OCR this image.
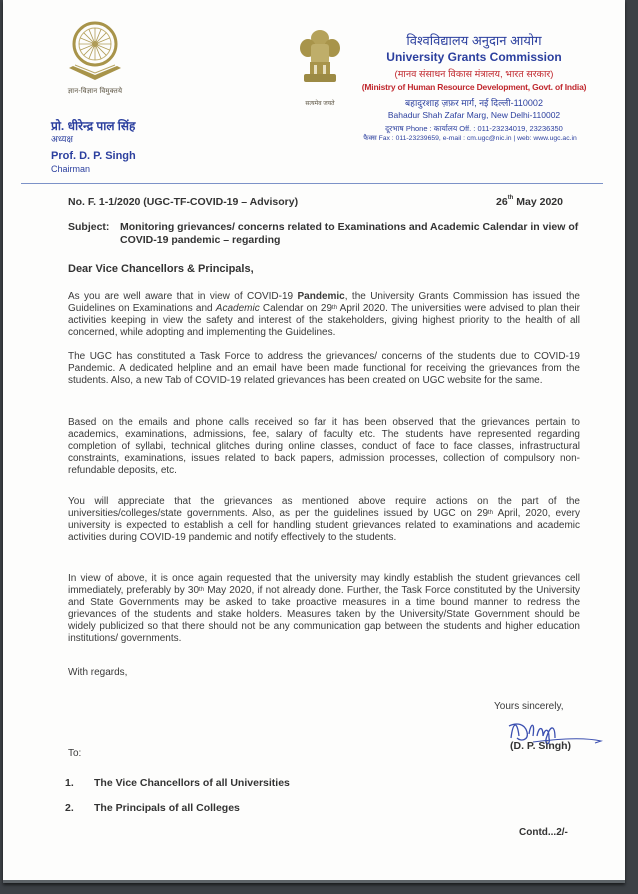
ज्ञान-विज्ञान विमुक्तये
प्रो. धीरेन्द्र पाल सिंह
अध्यक्ष
Prof. D. P. Singh
Chairman
सत्यमेव जयते
विश्वविद्यालय अनुदान आयोग
University Grants Commission
(मानव संसाधन विकास मंत्रालय, भारत सरकार)
(Ministry of Human Resource Development, Govt. of India)
बहादुरशाह ज़फ़र मार्ग, नई दिल्ली-110002
Bahadur Shah Zafar Marg, New Delhi-110002
दूरभाष Phone : कार्यालय Off. : 011-23234019, 23236350
फैक्स Fax : 011-23239659, e-mail : cm.ugc@nic.in | web: www.ugc.ac.in
No. F. 1-1/2020 (UGC-TF-COVID-19 – Advisory)	26th May 2020
Subject: Monitoring grievances/ concerns related to Examinations and Academic Calendar in view of COVID-19 pandemic – regarding
Dear Vice Chancellors & Principals,
As you are well aware that in view of COVID-19 Pandemic, the University Grants Commission has issued the Guidelines on Examinations and Academic Calendar on 29th April 2020. The universities were advised to plan their activities keeping in view the safety and interest of the stakeholders, giving highest priority to the health of all concerned, while adopting and implementing the Guidelines.
The UGC has constituted a Task Force to address the grievances/ concerns of the students due to COVID-19 Pandemic. A dedicated helpline and an email have been made functional for receiving the grievances from the students. Also, a new Tab of COVID-19 related grievances has been created on UGC website for the same.
Based on the emails and phone calls received so far it has been observed that the grievances pertain to academics, examinations, admissions, fee, salary of faculty etc. The students have represented regarding completion of syllabi, technical glitches during online classes, conduct of face to face classes, infrastructural constraints, examinations, issues related to back papers, admission processes, collection of compulsory non-refundable deposits, etc.
You will appreciate that the grievances as mentioned above require actions on the part of the universities/colleges/state governments. Also, as per the guidelines issued by UGC on 29th April, 2020, every university is expected to establish a cell for handling student grievances related to examinations and academic activities during COVID-19 pandemic and notify effectively to the students.
In view of above, it is once again requested that the university may kindly establish the student grievances cell immediately, preferably by 30th May 2020, if not already done. Further, the Task Force constituted by the University and State Governments may be asked to take proactive measures in a time bound manner to redress the grievances of the students and stake holders. Measures taken by the University/State Government should be widely publicized so that there should not be any communication gap between the students and higher education institutions/ governments.
With regards,
Yours sincerely,
(D. P. Singh)
To:
1. The Vice Chancellors of all Universities
2. The Principals of all Colleges
Contd...2/-
